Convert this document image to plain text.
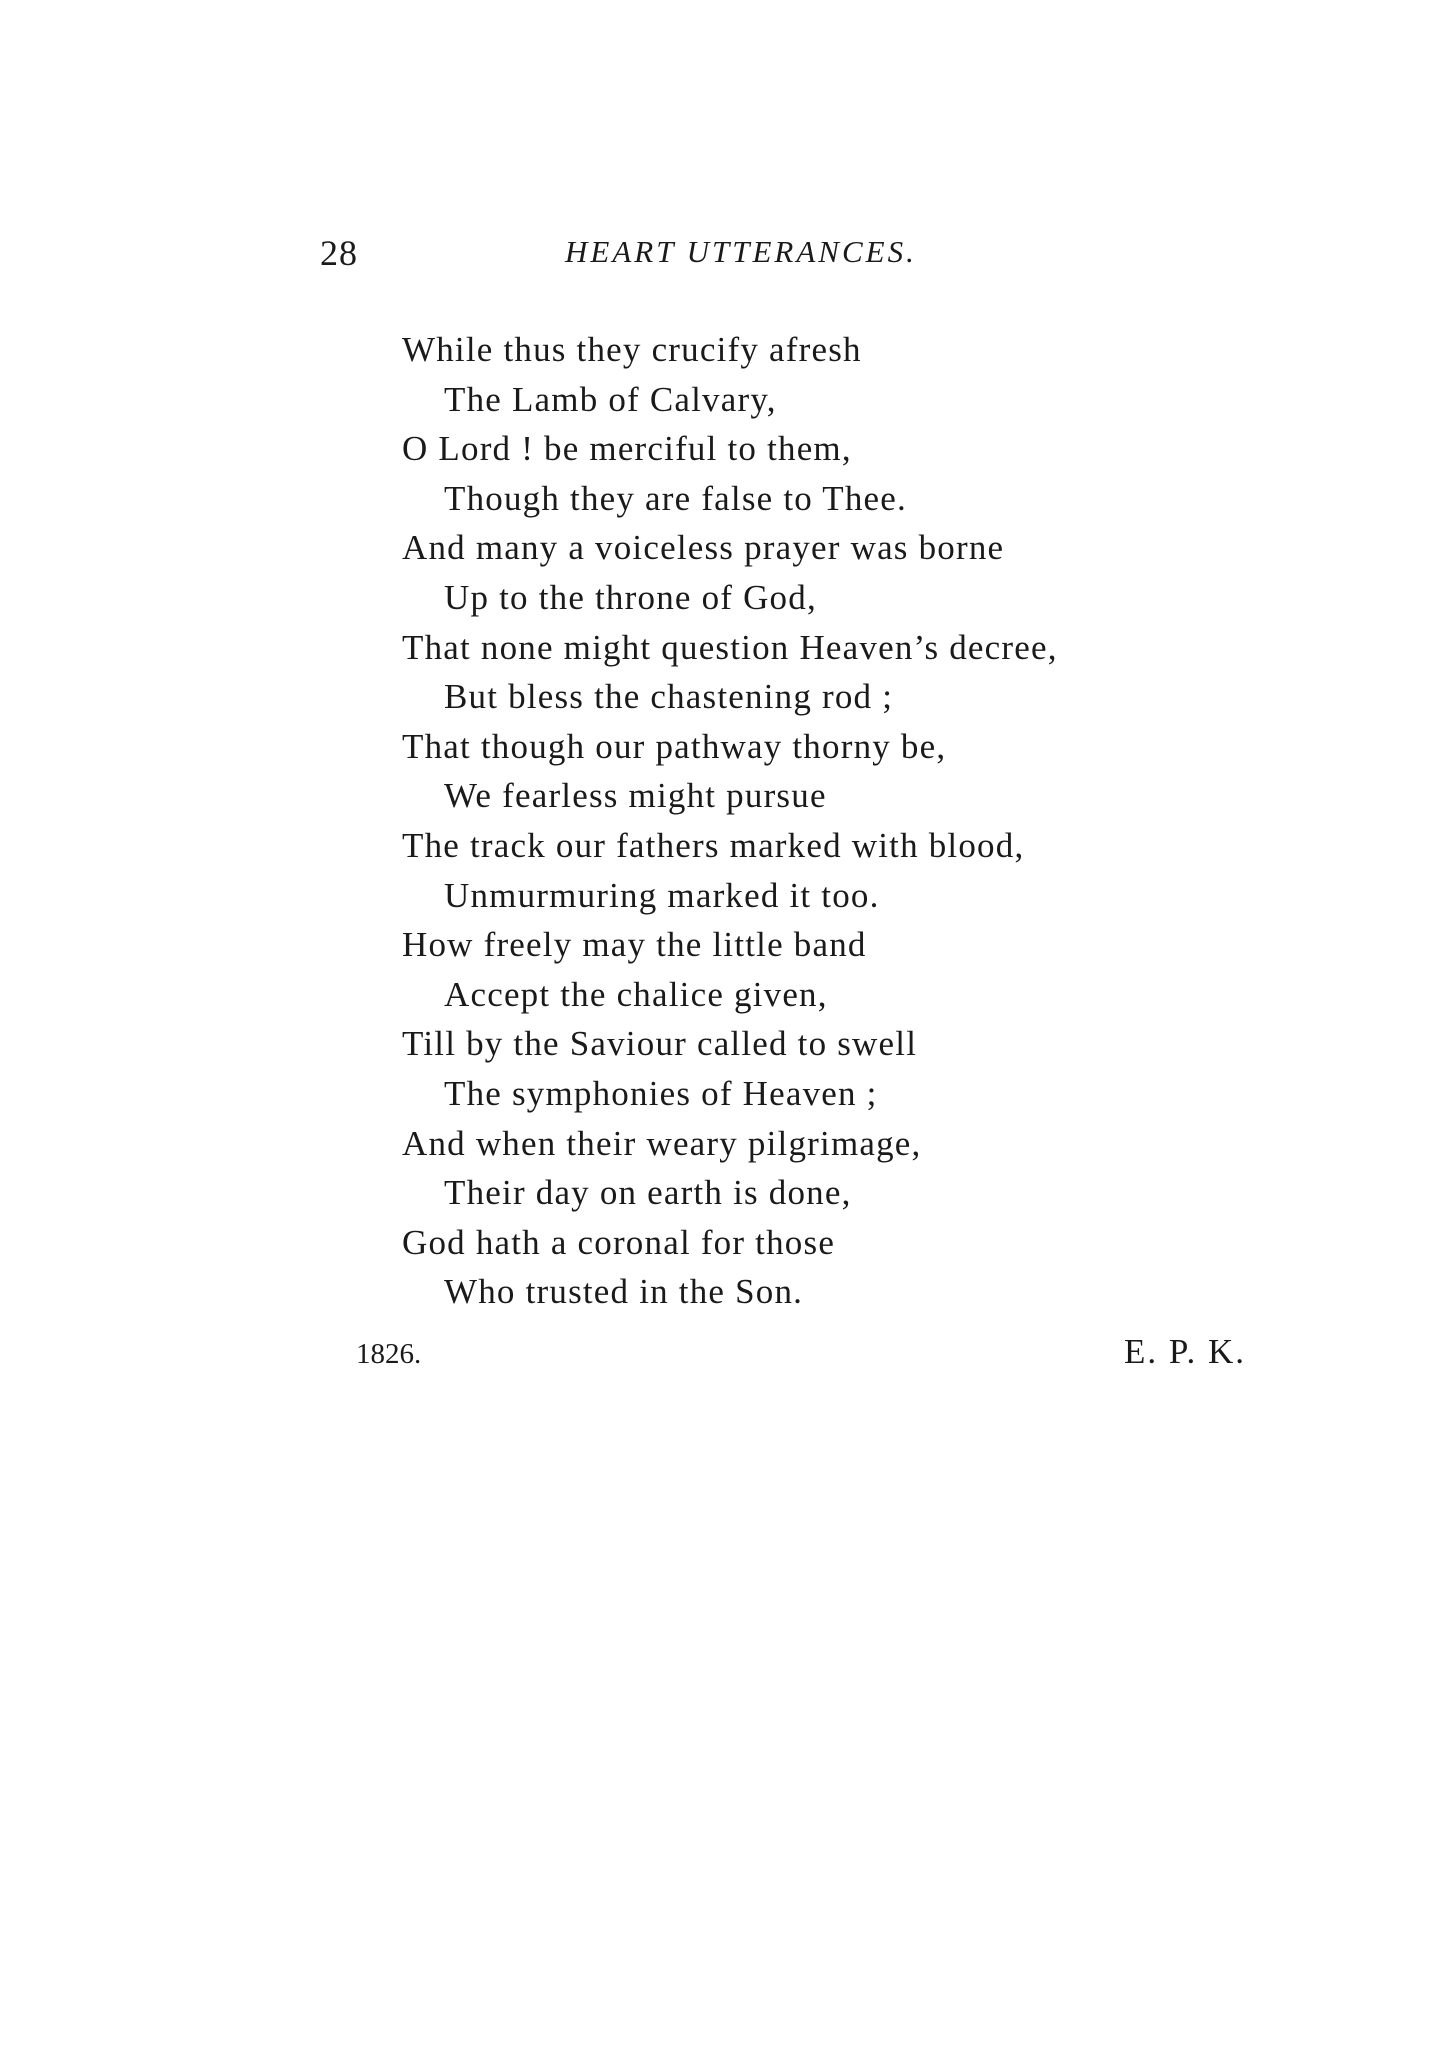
28	HEART UTTERANCES.
While thus they crucify afresh
The Lamb of Calvary,
O Lord ! be merciful to them,
Though they are false to Thee.
And many a voiceless prayer was borne
Up to the throne of God,
That none might question Heaven’s decree,
But bless the chastening rod ;
That though our pathway thorny be,
We fearless might pursue
The track our fathers marked with blood,
Unmurmuring marked it too.
How freely may the little band
Accept the chalice given,
Till by the Saviour called to swell
The symphonies of Heaven ;
And when their weary pilgrimage,
Their day on earth is done,
God hath a coronal for those
Who trusted in the Son.
1826.	E. P. K.
